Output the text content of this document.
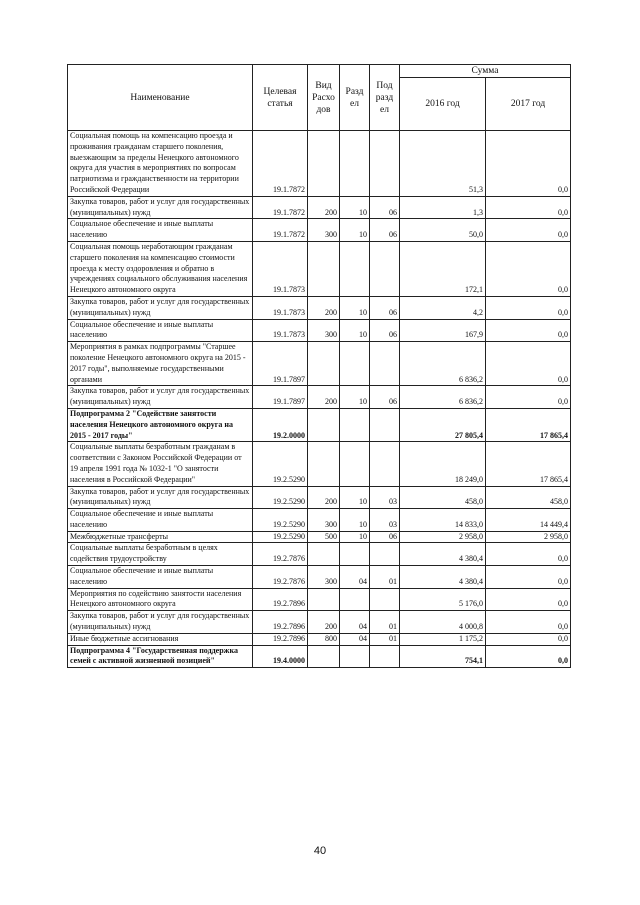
Наименование	Целевая статья	Вид Расхо дов	Разд ел	Под разд ел	Сумма	
					2016 год	2017 год
Социальная помощь на компенсацию проезда и проживания гражданам старшего поколения, выезжающим за пределы Ненецкого автономного округа для участия в мероприятиях по вопросам патриотизма и гражданственности на территории Российской Федерации	19.1.7872				51,3	0,0
Закупка товаров, работ и услуг для государственных (муниципальных) нужд	19.1.7872	200	10	06	1,3	0,0
Социальное обеспечение и иные выплаты населению	19.1.7872	300	10	06	50,0	0,0
Социальная помощь неработающим гражданам старшего поколения на компенсацию стоимости проезда к месту оздоровления и обратно в учреждениях социального обслуживания населения Ненецкого автономного округа	19.1.7873				172,1	0,0
Закупка товаров, работ и услуг для государственных (муниципальных) нужд	19.1.7873	200	10	06	4,2	0,0
Социальное обеспечение и иные выплаты населению	19.1.7873	300	10	06	167,9	0,0
Мероприятия в рамках подпрограммы "Старшее поколение Ненецкого автономного округа на 2015 - 2017 годы", выполняемые государственными органами	19.1.7897				6 836,2	0,0
Закупка товаров, работ и услуг для государственных (муниципальных) нужд	19.1.7897	200	10	06	6 836,2	0,0
Подпрограмма 2 "Содействие занятости населения Ненецкого автономного округа на 2015 - 2017 годы"	19.2.0000				27 805,4	17 865,4
Социальные выплаты безработным гражданам в соответствии с Законом Российской Федерации от 19 апреля 1991 года № 1032-1 "О занятости населения в Российской Федерации"	19.2.5290				18 249,0	17 865,4
Закупка товаров, работ и услуг для государственных (муниципальных) нужд	19.2.5290	200	10	03	458,0	458,0
Социальное обеспечение и иные выплаты населению	19.2.5290	300	10	03	14 833,0	14 449,4
Межбюджетные трансферты	19.2.5290	500	10	06	2 958,0	2 958,0
Социальные выплаты безработным в целях содействия трудоустройству	19.2.7876				4 380,4	0,0
Социальное обеспечение и иные выплаты населению	19.2.7876	300	04	01	4 380,4	0,0
Мероприятия по содействию занятости населения Ненецкого автономного округа	19.2.7896				5 176,0	0,0
Закупка товаров, работ и услуг для государственных (муниципальных) нужд	19.2.7896	200	04	01	4 000,8	0,0
Иные бюджетные ассигнования	19.2.7896	800	04	01	1 175,2	0,0
Подпрограмма 4 "Государственная поддержка семей с активной жизненной позицией"	19.4.0000				754,1	0,0
40
